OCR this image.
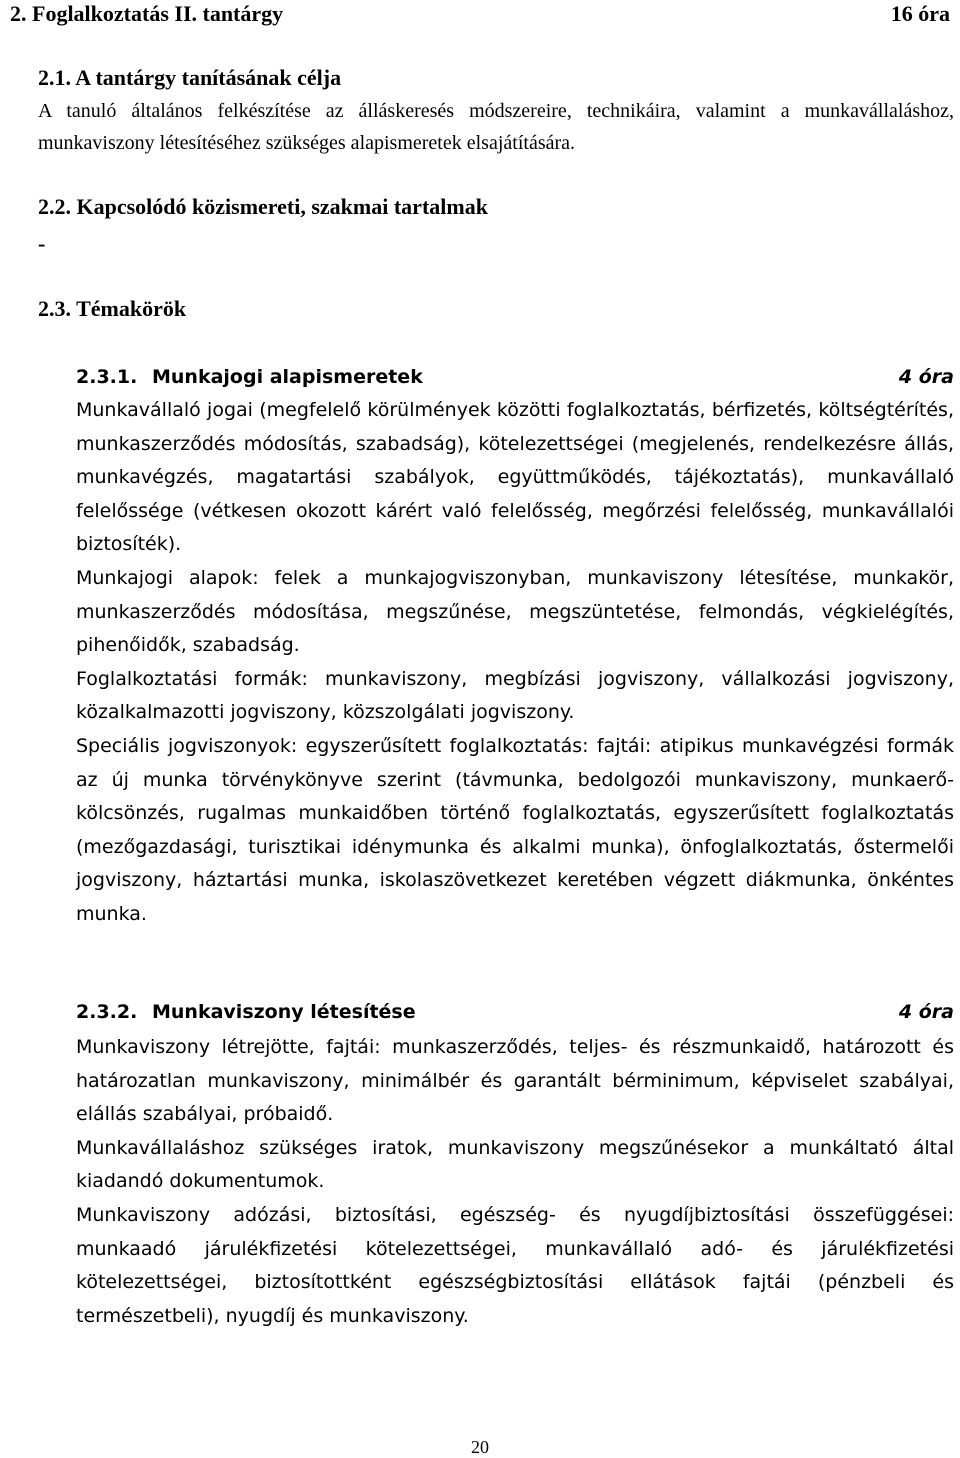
2. Foglalkoztatás II. tantárgy	16 óra
2.1. A tantárgy tanításának célja
A tanuló általános felkészítése az álláskeresés módszereire, technikáira, valamint a munkavállaláshoz, munkaviszony létesítéséhez szükséges alapismeretek elsajátítására.
2.2. Kapcsolódó közismereti, szakmai tartalmak
-
2.3. Témakörök
2.3.1. Munkajogi alapismeretek	4 óra

Munkavállaló jogai (megfelelő körülmények közötti foglalkoztatás, bérfizetés, költségtérítés, munkaszerződés módosítás, szabadság), kötelezettségei (megjelenés, rendelkezésre állás, munkavégzés, magatartási szabályok, együttműködés, tájékoztatás), munkavállaló felelőssége (vétkesen okozott kárért való felelősség, megőrzési felelősség, munkavállalói biztosíték).

Munkajogi alapok: felek a munkajogviszonyban, munkaviszony létesítése, munkakör, munkaszerződés módosítása, megszűnése, megszüntetése, felmondás, végkielégítés, pihenőidők, szabadság.

Foglalkoztatási formák: munkaviszony, megbízási jogviszony, vállalkozási jogviszony, közalkalmazotti jogviszony, közszolgálati jogviszony.

Speciális jogviszonyok: egyszerűsített foglalkoztatás: fajtái: atipikus munkavégzési formák az új munka törvénykönyve szerint (távmunka, bedolgozói munkaviszony, munkaerő-kölcsönzés, rugalmas munkaidőben történő foglalkoztatás, egyszerűsített foglalkoztatás (mezőgazdasági, turisztikai idénymunka és alkalmi munka), önfoglalkoztatás, őstermelői jogviszony, háztartási munka, iskolaszövetkezet keretében végzett diákmunka, önkéntes munka.

2.3.2. Munkaviszony létesítése	4 óra

Munkaviszony létrejötte, fajtái: munkaszerződés, teljes- és részmunkaidő, határozott és határozatlan munkaviszony, minimálbér és garantált bérminimum, képviselet szabályai, elállás szabályai, próbaidő.

Munkavállaláshoz szükséges iratok, munkaviszony megszűnésekor a munkáltató által kiadandó dokumentumok.

Munkaviszony adózási, biztosítási, egészség- és nyugdíjbiztosítási összefüggései: munkaadó járulékfizetési kötelezettségei, munkavállaló adó- és járulékfizetési kötelezettségei, biztosítottként egészségbiztosítási ellátások fajtái (pénzbeli és természetbeli), nyugdíj és munkaviszony.

20
